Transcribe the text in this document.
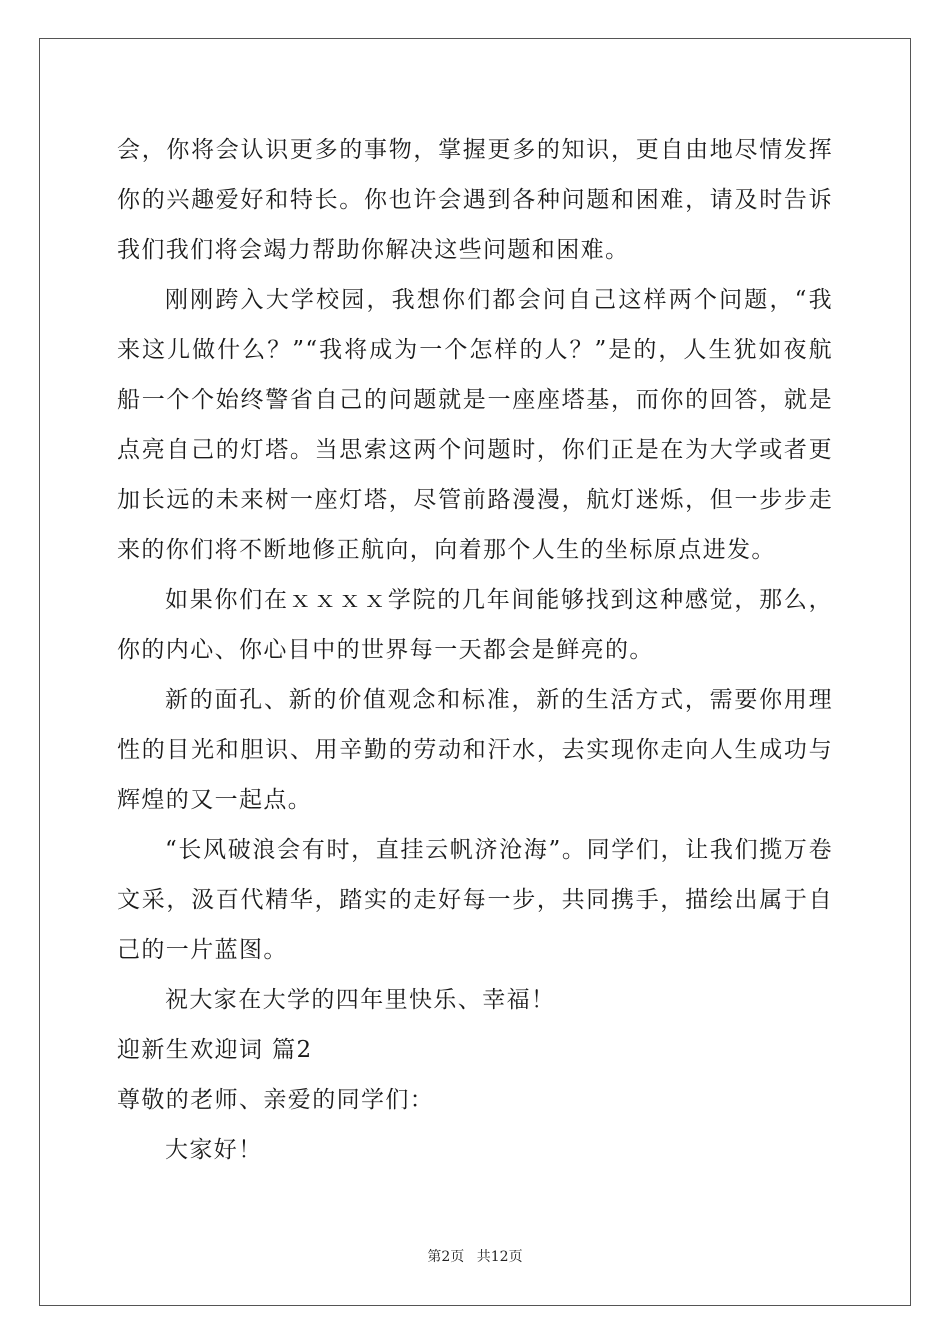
会，你将会认识更多的事物，掌握更多的知识，更自由地尽情发挥你的兴趣爱好和特长。你也许会遇到各种问题和困难，请及时告诉我们我们将会竭力帮助你解决这些问题和困难。

刚刚跨入大学校园，我想你们都会问自己这样两个问题，“我来这儿做什么？”“我将成为一个怎样的人？”是的，人生犹如夜航船一个个始终警省自己的问题就是一座座塔基，而你的回答，就是点亮自己的灯塔。当思索这两个问题时，你们正是在为大学或者更加长远的未来树一座灯塔，尽管前路漫漫，航灯迷烁，但一步步走来的你们将不断地修正航向，向着那个人生的坐标原点进发。

如果你们在ｘｘｘｘ学院的几年间能够找到这种感觉，那么，你的内心、你心目中的世界每一天都会是鲜亮的。

新的面孔、新的价值观念和标准，新的生活方式，需要你用理性的目光和胆识、用辛勤的劳动和汗水，去实现你走向人生成功与辉煌的又一起点。

“长风破浪会有时，直挂云帆济沧海”。同学们，让我们揽万卷文采，汲百代精华，踏实的走好每一步，共同携手，描绘出属于自己的一片蓝图。

祝大家在大学的四年里快乐、幸福！

迎新生欢迎词 篇2

尊敬的老师、亲爱的同学们：

大家好！

第2页 共12页
